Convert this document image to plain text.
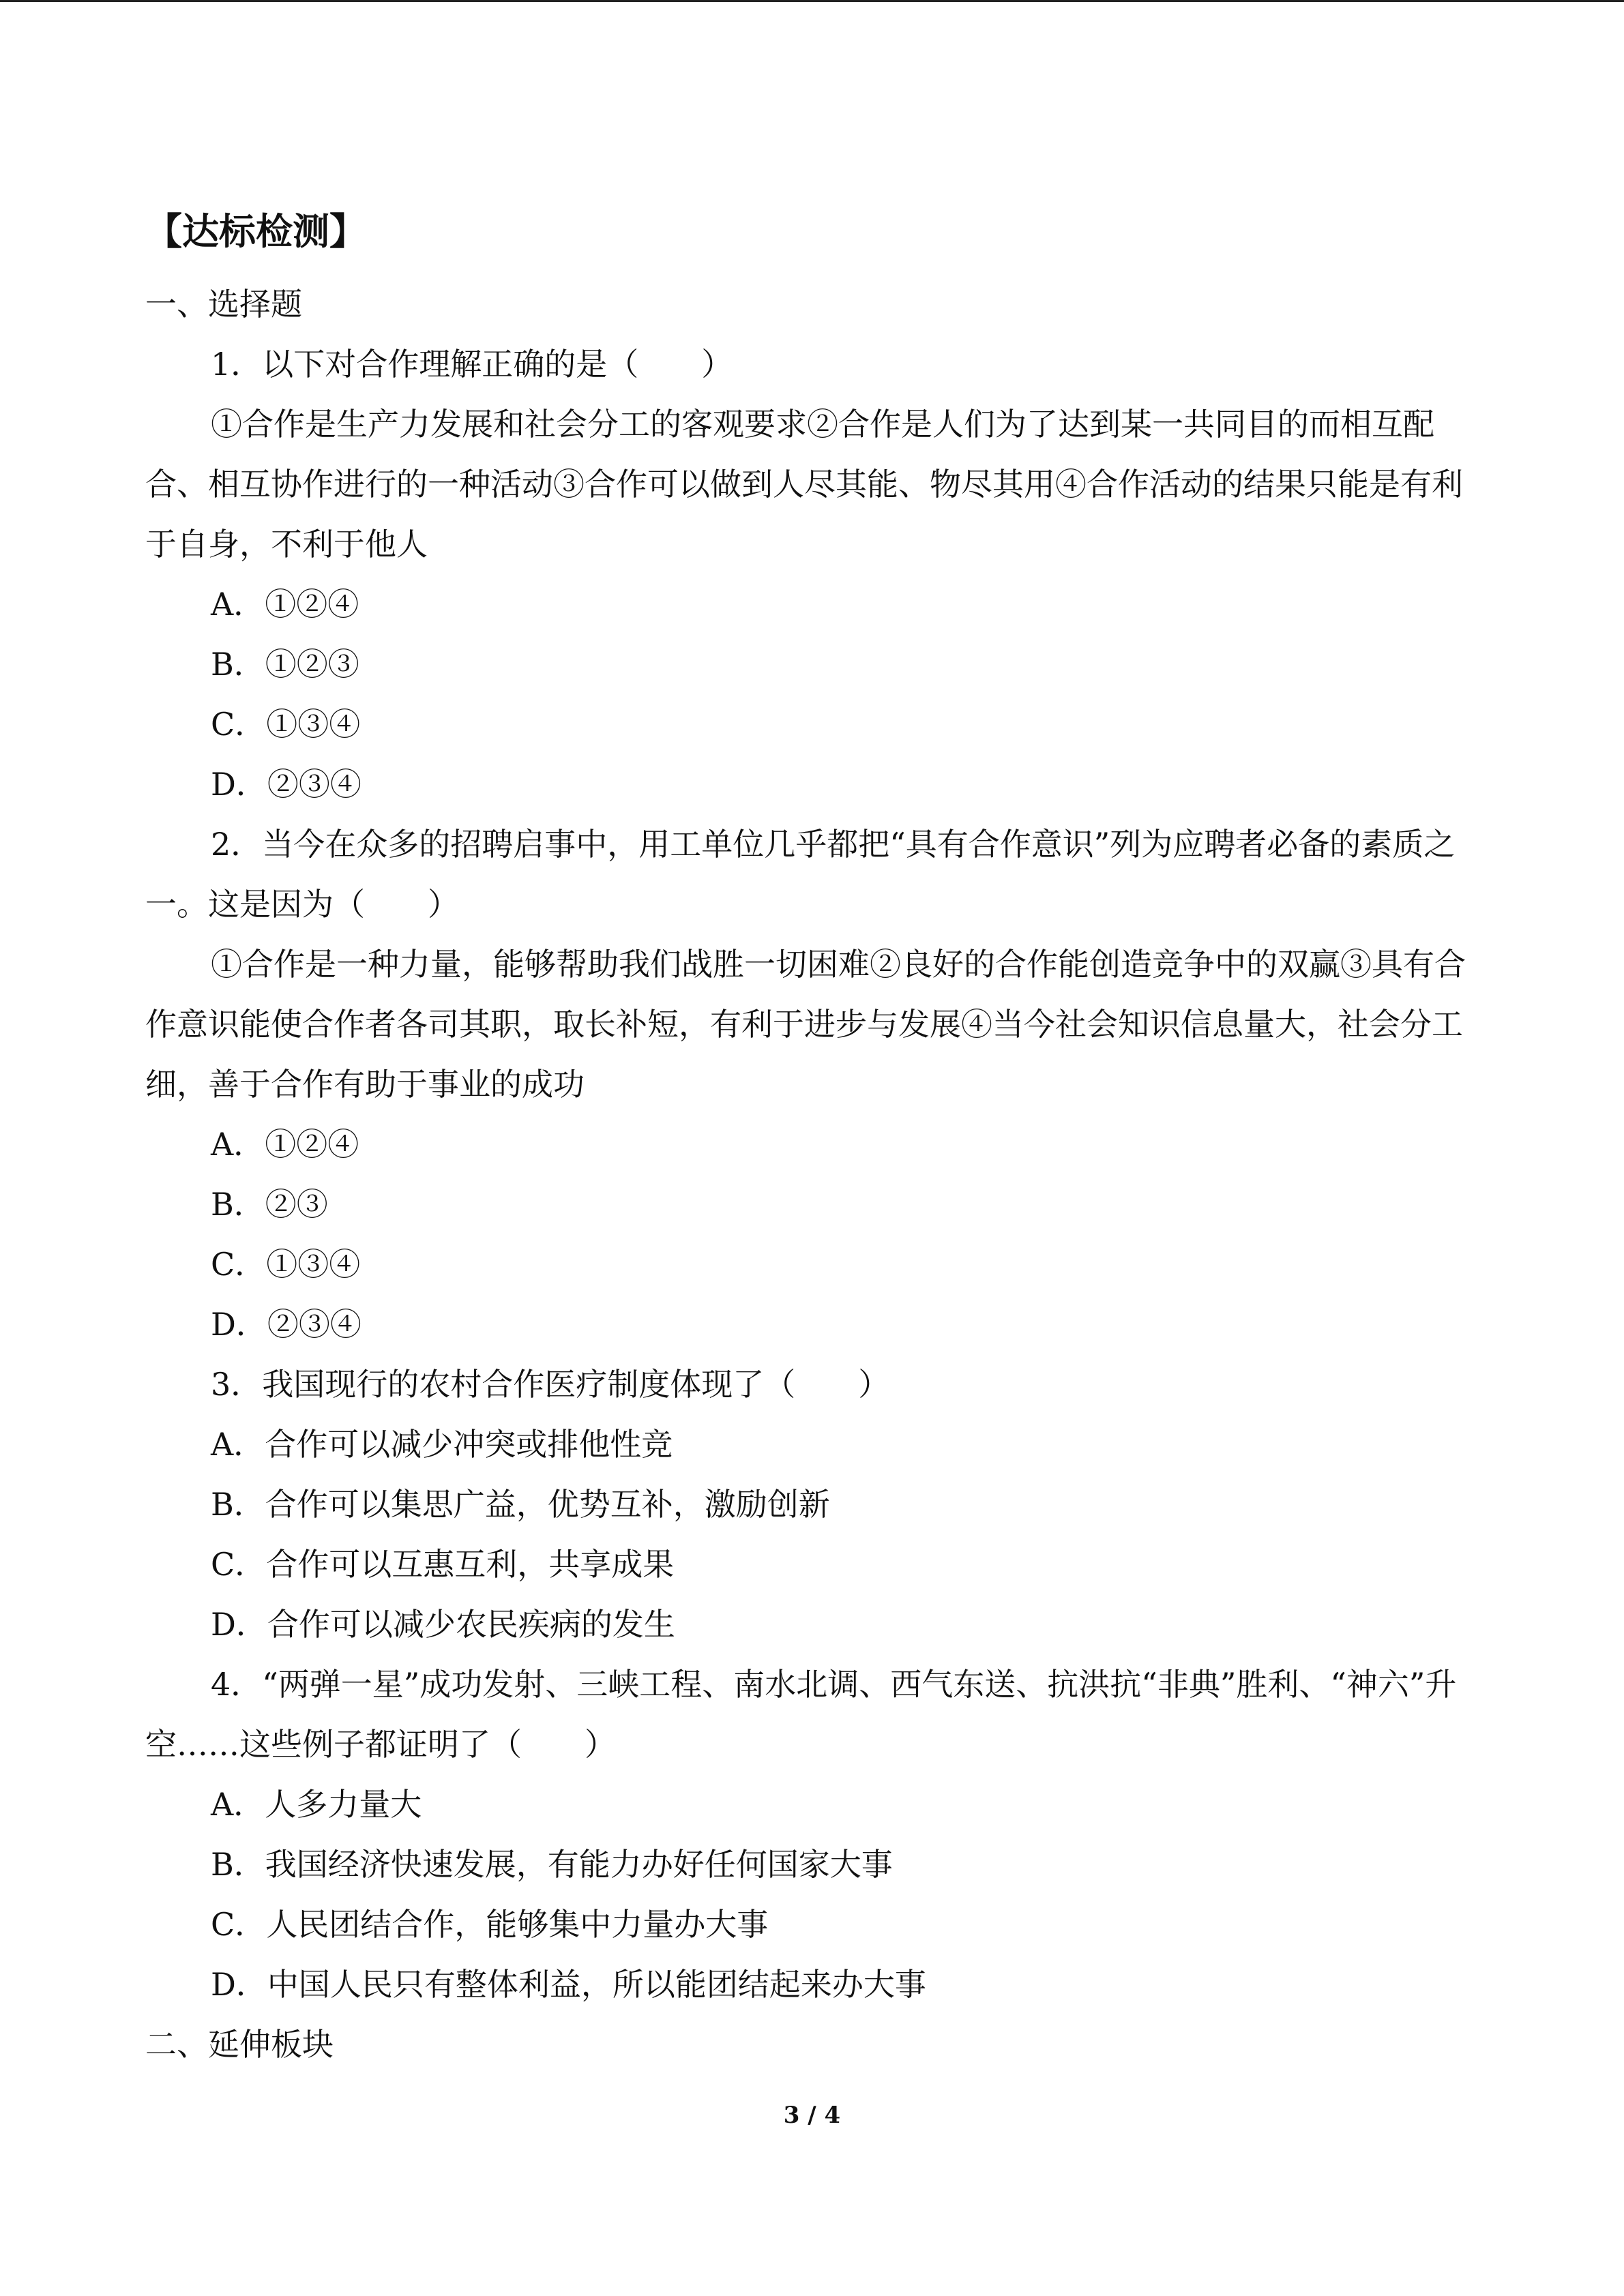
【达标检测】

一、选择题

1．以下对合作理解正确的是（　　）

①合作是生产力发展和社会分工的客观要求②合作是人们为了达到某一共同目的而相互配合、相互协作进行的一种活动③合作可以做到人尽其能、物尽其用④合作活动的结果只能是有利于自身，不利于他人

A．①②④

B．①②③

C．①③④

D．②③④

2．当今在众多的招聘启事中，用工单位几乎都把“具有合作意识”列为应聘者必备的素质之一。这是因为（　　）

①合作是一种力量，能够帮助我们战胜一切困难②良好的合作能创造竞争中的双赢③具有合作意识能使合作者各司其职，取长补短，有利于进步与发展④当今社会知识信息量大，社会分工细，善于合作有助于事业的成功

A．①②④

B．②③

C．①③④

D．②③④

3．我国现行的农村合作医疗制度体现了（　　）

A．合作可以减少冲突或排他性竞

B．合作可以集思广益，优势互补，激励创新

C．合作可以互惠互利，共享成果

D．合作可以减少农民疾病的发生

4．“两弹一星”成功发射、三峡工程、南水北调、西气东送、抗洪抗“非典”胜利、“神六”升空……这些例子都证明了（　　）

A．人多力量大

B．我国经济快速发展，有能力办好任何国家大事

C．人民团结合作，能够集中力量办大事

D．中国人民只有整体利益，所以能团结起来办大事

二、延伸板块

3 / 4
